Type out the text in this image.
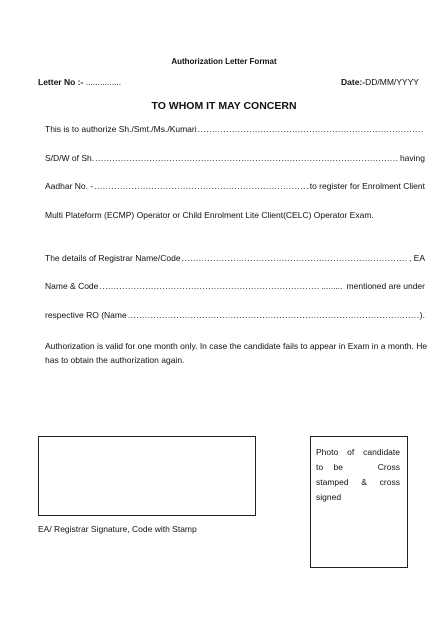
Authorization Letter Format
Letter No :- ...............	Date:-DD/MM/YYYY
TO WHOM IT MAY CONCERN
This is to authorize Sh./Smt./Ms./Kumari
.....
S/D/W of Sh. .....	having
Aadhar No. - .....	to register for Enrolment Client
Multi Plateform (ECMP) Operator or Child Enrolment Lite Client(CELC) Operator Exam.
The details of Registrar Name/Code .....	, EA
Name & Code .....	......... mentioned are under
respective RO (Name .....	).
Authorization is valid for one month only. In case the candidate fails to appear in Exam in a month. He has to obtain the authorization again.
Photo of candidate
to   be          Cross
stamped & cross
signed
EA/ Registrar Signature, Code with Stamp
